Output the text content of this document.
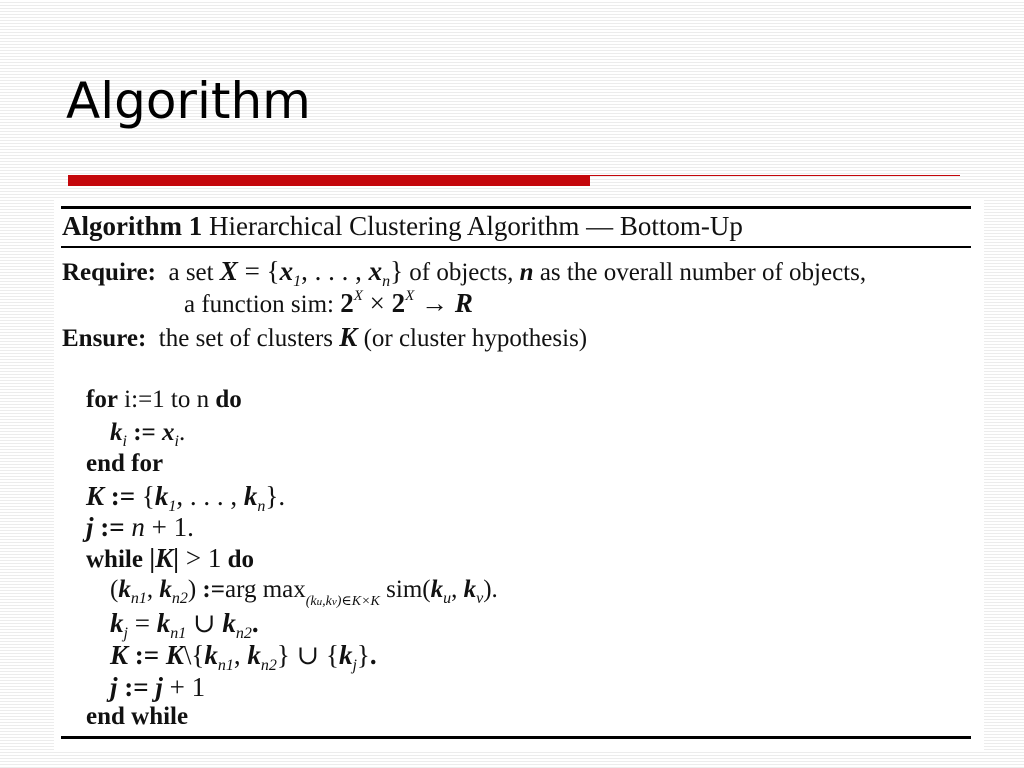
Algorithm
Algorithm 1 Hierarchical Clustering Algorithm — Bottom-Up
Require: a set $X = \{x_1$, . . . , $x_n$} of objects, n as the overall number of objects,
a function sim: $2^X \times 2^X \to R$
Ensure: the set of clusters K (or cluster hypothesis)
for i:=1 to n do
$k_i$ := $x_i$.
end for
K := {$k_1$, . . . , $k_n$}.
j := n + 1.
while |K| > 1 do
($k_{n1}$, $k_{n2}$) :=arg $\max_{(ku,kv)\in K\times K} sim(k_u$, $k_v$).
$k_j = k_{n1}$ ∪ $k_{n2}$.
K := $K\backslash\{k_{n1}$, $k_{n2}$} ∪ $\{k_j\}$.
j := j + 1
end while
